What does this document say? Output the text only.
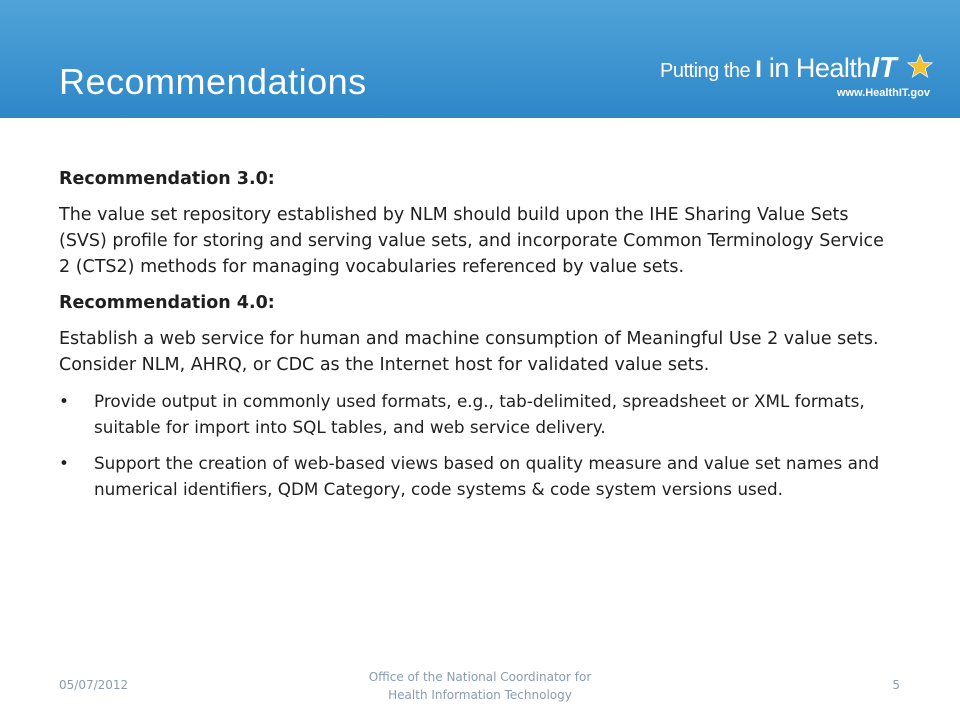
Recommendations	Putting the I in HealthIT
www.HealthIT.gov
Recommendation 3.0:
The value set repository established by NLM should build upon the IHE Sharing Value Sets (SVS) profile for storing and serving value sets, and incorporate Common Terminology Service 2 (CTS2) methods for managing vocabularies referenced by value sets.
Recommendation 4.0:
Establish a web service for human and machine consumption of Meaningful Use 2 value sets. Consider NLM, AHRQ, or CDC as the Internet host for validated value sets.
• Provide output in commonly used formats, e.g., tab-delimited, spreadsheet or XML formats, suitable for import into SQL tables, and web service delivery.
• Support the creation of web-based views based on quality measure and value set names and numerical identifiers, QDM Category, code systems & code system versions used.
05/07/2012
Office of the National Coordinator for
Health Information Technology
5
